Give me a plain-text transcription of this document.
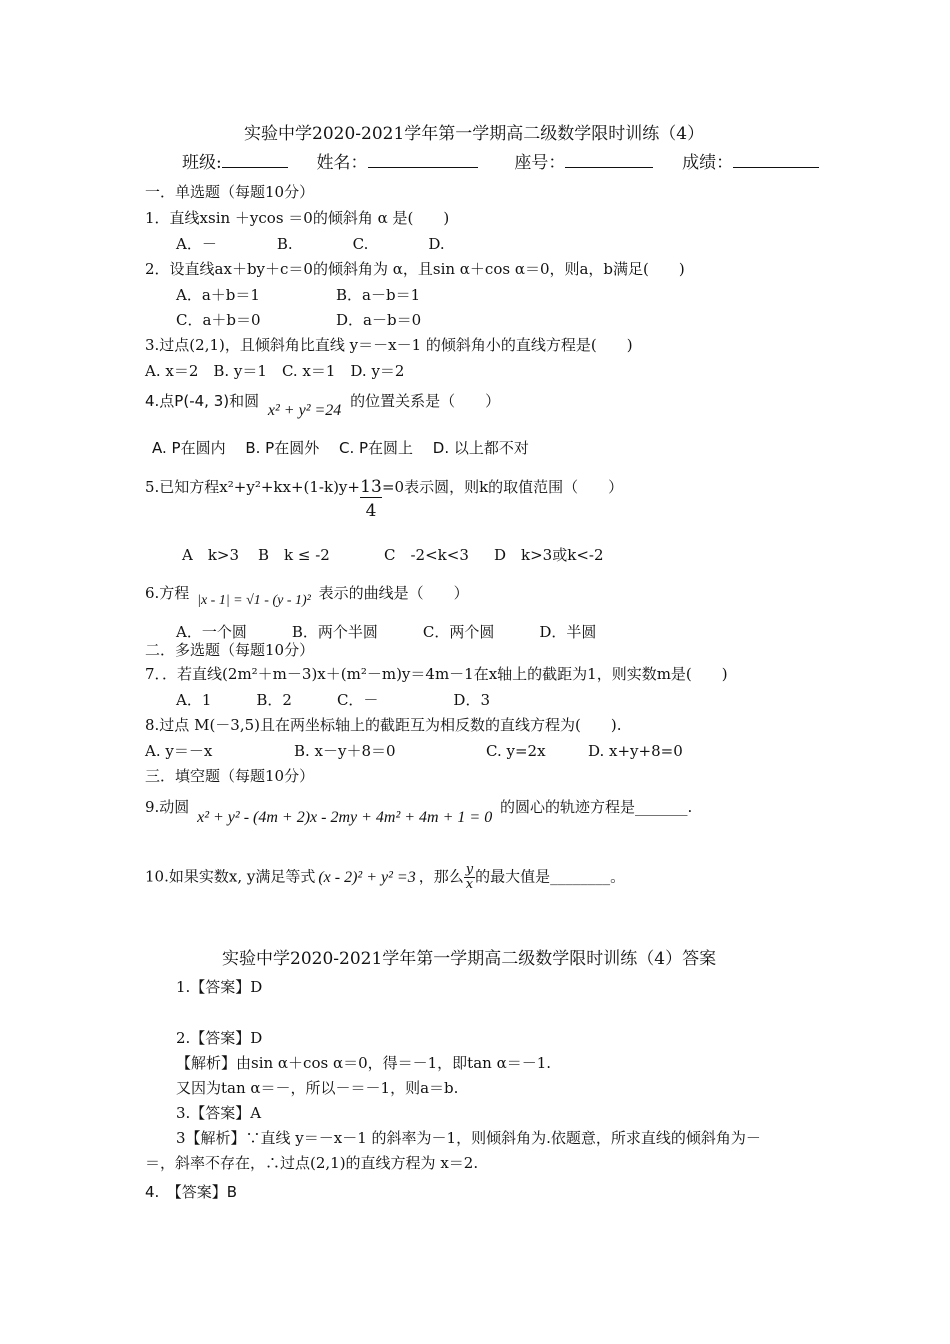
实验中学2020-2021学年第一学期高二级数学限时训练（4）
班级:	姓名：	座号：	成绩：
一．单选题（每题10分）
1．直线xsin ＋ycos ＝0的倾斜角 α 是(　　)
A．－　　　　B.　　　　C.　　　　D.
2．设直线ax＋by＋c＝0的倾斜角为 α，且sin α＋cos α＝0，则a，b满足(　　)
A．a＋b＝1	B．a－b＝1
C．a＋b＝0	D．a－b＝0
3.过点(2,1)，且倾斜角比直线 y＝－x－1 的倾斜角小的直线方程是(　　)
A. x＝2　B. y＝1　C. x＝1　D. y＝2
4.点P(-4, 3)和圆 x² + y² =24 的位置关系是（　　）
A. P在圆内　 B. P在圆外　 C. P在圆上　 D. 以上都不对
5.已知方程$x^2+y^2+kx+(1-k)y+ \frac{13}{4} =0$表示圆，则k的取值范围（　　）
A　k>3 B　k ≤ -2	C　-2<k<3 D　k>3或k<-2
6.方程 |x - 1| = √1 - (y - 1)² 表示的曲线是（　　）
A．一个圆　　　B．两个半圆　　　C．两个圆　　　D．半圆
二．多选题（每题10分）
7．．若直线(2m²＋m－3)x＋(m²－m)y＝4m－1在x轴上的截距为1，则实数m是(　　)
A．1　　　B．2　　　C．－　　　　　D．3
8.过点 M(－3,5)且在两坐标轴上的截距互为相反数的直线方程为(　　).
A. y＝－x	B. x－y＋8＝0	C. y=2x	D. x+y+8=0
三．填空题（每题10分）
9.动圆 x² + y² - (4m + 2)x - 2my + 4m² + 4m + 1 = 0 的圆心的轨迹方程是_______.
10.如果实数x, y满足等式 (x - 2)² + y² =3 ，那么 $\frac{y}{x}$ 的最大值是________。
实验中学2020-2021学年第一学期高二级数学限时训练（4）答案
1.【答案】D
2.【答案】D
【解析】由sin α＋cos α＝0，得＝－1，即tan α＝－1.
又因为tan α＝－，所以－＝－1，则a＝b.
3.【答案】A
3【解析】∵直线 y＝－x－1 的斜率为－1，则倾斜角为.依题意，所求直线的倾斜角为－
＝，斜率不存在，∴过点(2,1)的直线方程为 x＝2.
4.　【答案】B
